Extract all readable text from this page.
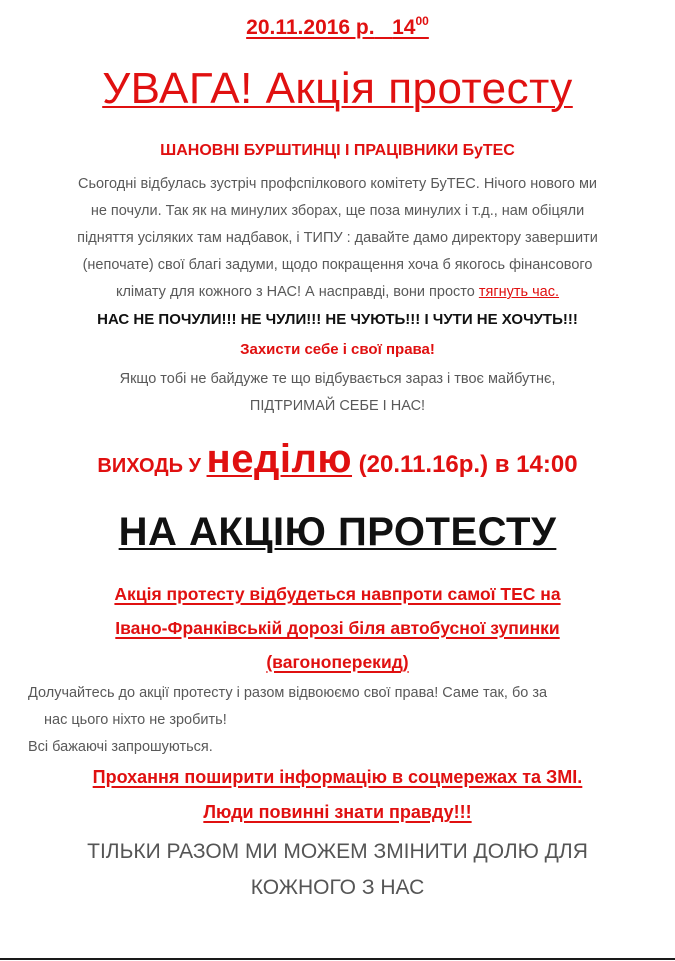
20.11.2016 р. $14^{00}$
УВАГА! Акція протесту
ШАНОВНІ БУРШТИНЦІ І ПРАЦІВНИКИ БуТЕС
Сьогодні відбулась зустріч профспілкового комітету БуТЕС. Нічого нового ми
не почули. Так як на минулих зборах, ще поза минулих і т.д., нам обіцяли
підняття усіляких там надбавок, і ТИПУ : давайте дамо директору завершити
(непочате) свої благі задуми, щодо покращення хоча б якогось фінансового
клімату для кожного з НАС! А насправді, вони просто тягнуть час.
НАС НЕ ПОЧУЛИ!!! НЕ ЧУЛИ!!! НЕ ЧУЮТЬ!!! І ЧУТИ НЕ ХОЧУТЬ!!!
Захисти себе і свої права!
Якщо тобі не байдуже те що відбувається зараз і твоє майбутнє,
ПІДТРИМАЙ СЕБЕ І НАС!
ВИХОДЬ У неділю (20.11.16р.) в 14:00
НА АКЦІЮ ПРОТЕСТУ
Акція протесту відбудеться навпроти самої ТЕС на
Івано-Франківській дорозі біля автобусної зупинки
(вагоноперекид)
Долучайтесь до акції протесту і разом відвоюємо свої права! Саме так, бо за
нас цього ніхто не зробить!
Всі бажаючі запрошуються.
Прохання поширити інформацію в соцмережах та ЗМІ.
Люди повинні знати правду!!!
ТІЛЬКИ РАЗОМ МИ МОЖЕМ ЗМІНИТИ ДОЛЮ ДЛЯ
КОЖНОГО З НАС
